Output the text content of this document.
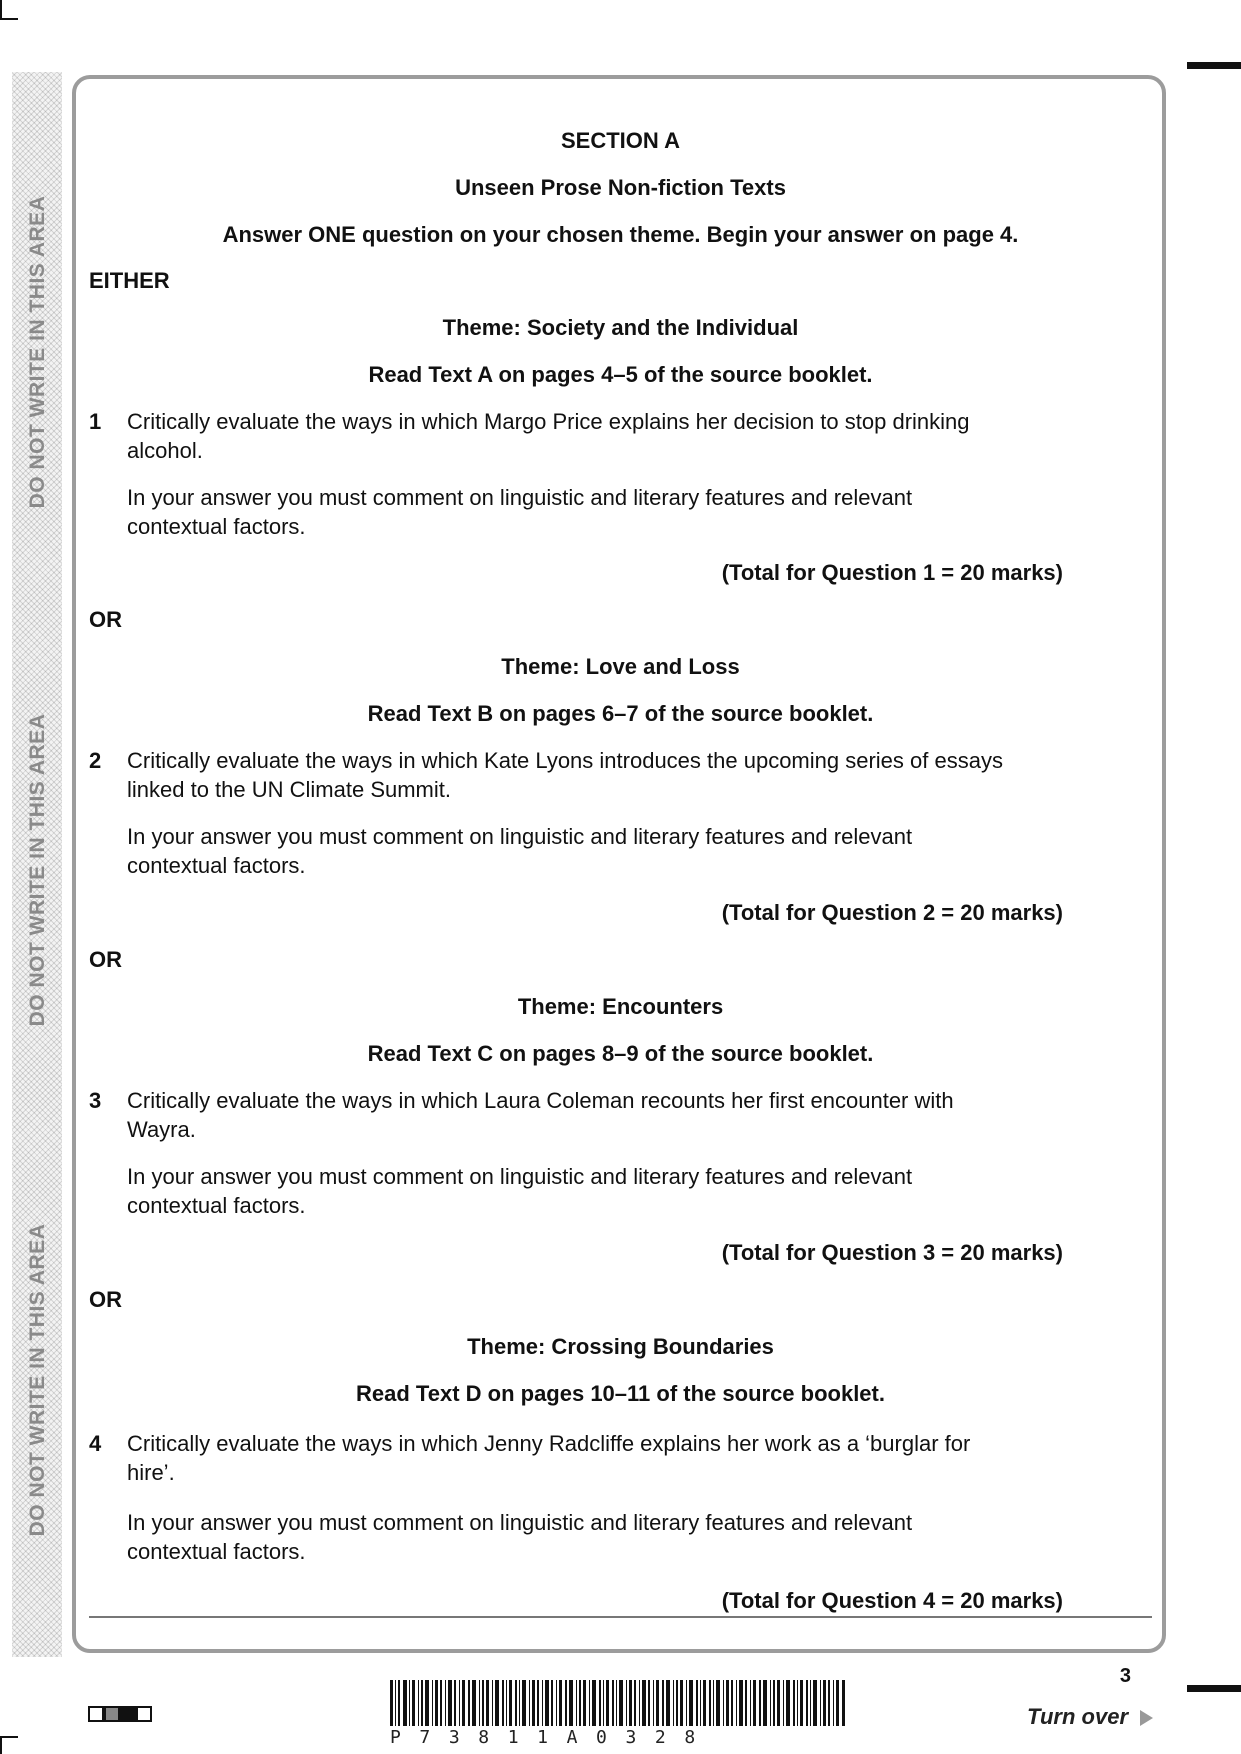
DO NOT WRITE IN THIS AREA
DO NOT WRITE IN THIS AREA
DO NOT WRITE IN THIS AREA
SECTION A
Unseen Prose Non-fiction Texts
Answer ONE question on your chosen theme. Begin your answer on page 4.
EITHER
Theme: Society and the Individual
Read Text A on pages 4–5 of the source booklet.
1 Critically evaluate the ways in which Margo Price explains her decision to stop drinking alcohol.
In your answer you must comment on linguistic and literary features and relevant contextual factors.
(Total for Question 1 = 20 marks)
OR
Theme: Love and Loss
Read Text B on pages 6–7 of the source booklet.
2 Critically evaluate the ways in which Kate Lyons introduces the upcoming series of essays linked to the UN Climate Summit.
In your answer you must comment on linguistic and literary features and relevant contextual factors.
(Total for Question 2 = 20 marks)
OR
Theme: Encounters
Read Text C on pages 8–9 of the source booklet.
3 Critically evaluate the ways in which Laura Coleman recounts her first encounter with Wayra.
In your answer you must comment on linguistic and literary features and relevant contextual factors.
(Total for Question 3 = 20 marks)
OR
Theme: Crossing Boundaries
Read Text D on pages 10–11 of the source booklet.
4 Critically evaluate the ways in which Jenny Radcliffe explains her work as a ‘burglar for hire’.
In your answer you must comment on linguistic and literary features and relevant contextual factors.
(Total for Question 4 = 20 marks)
3
P73811A0328
Turn over
